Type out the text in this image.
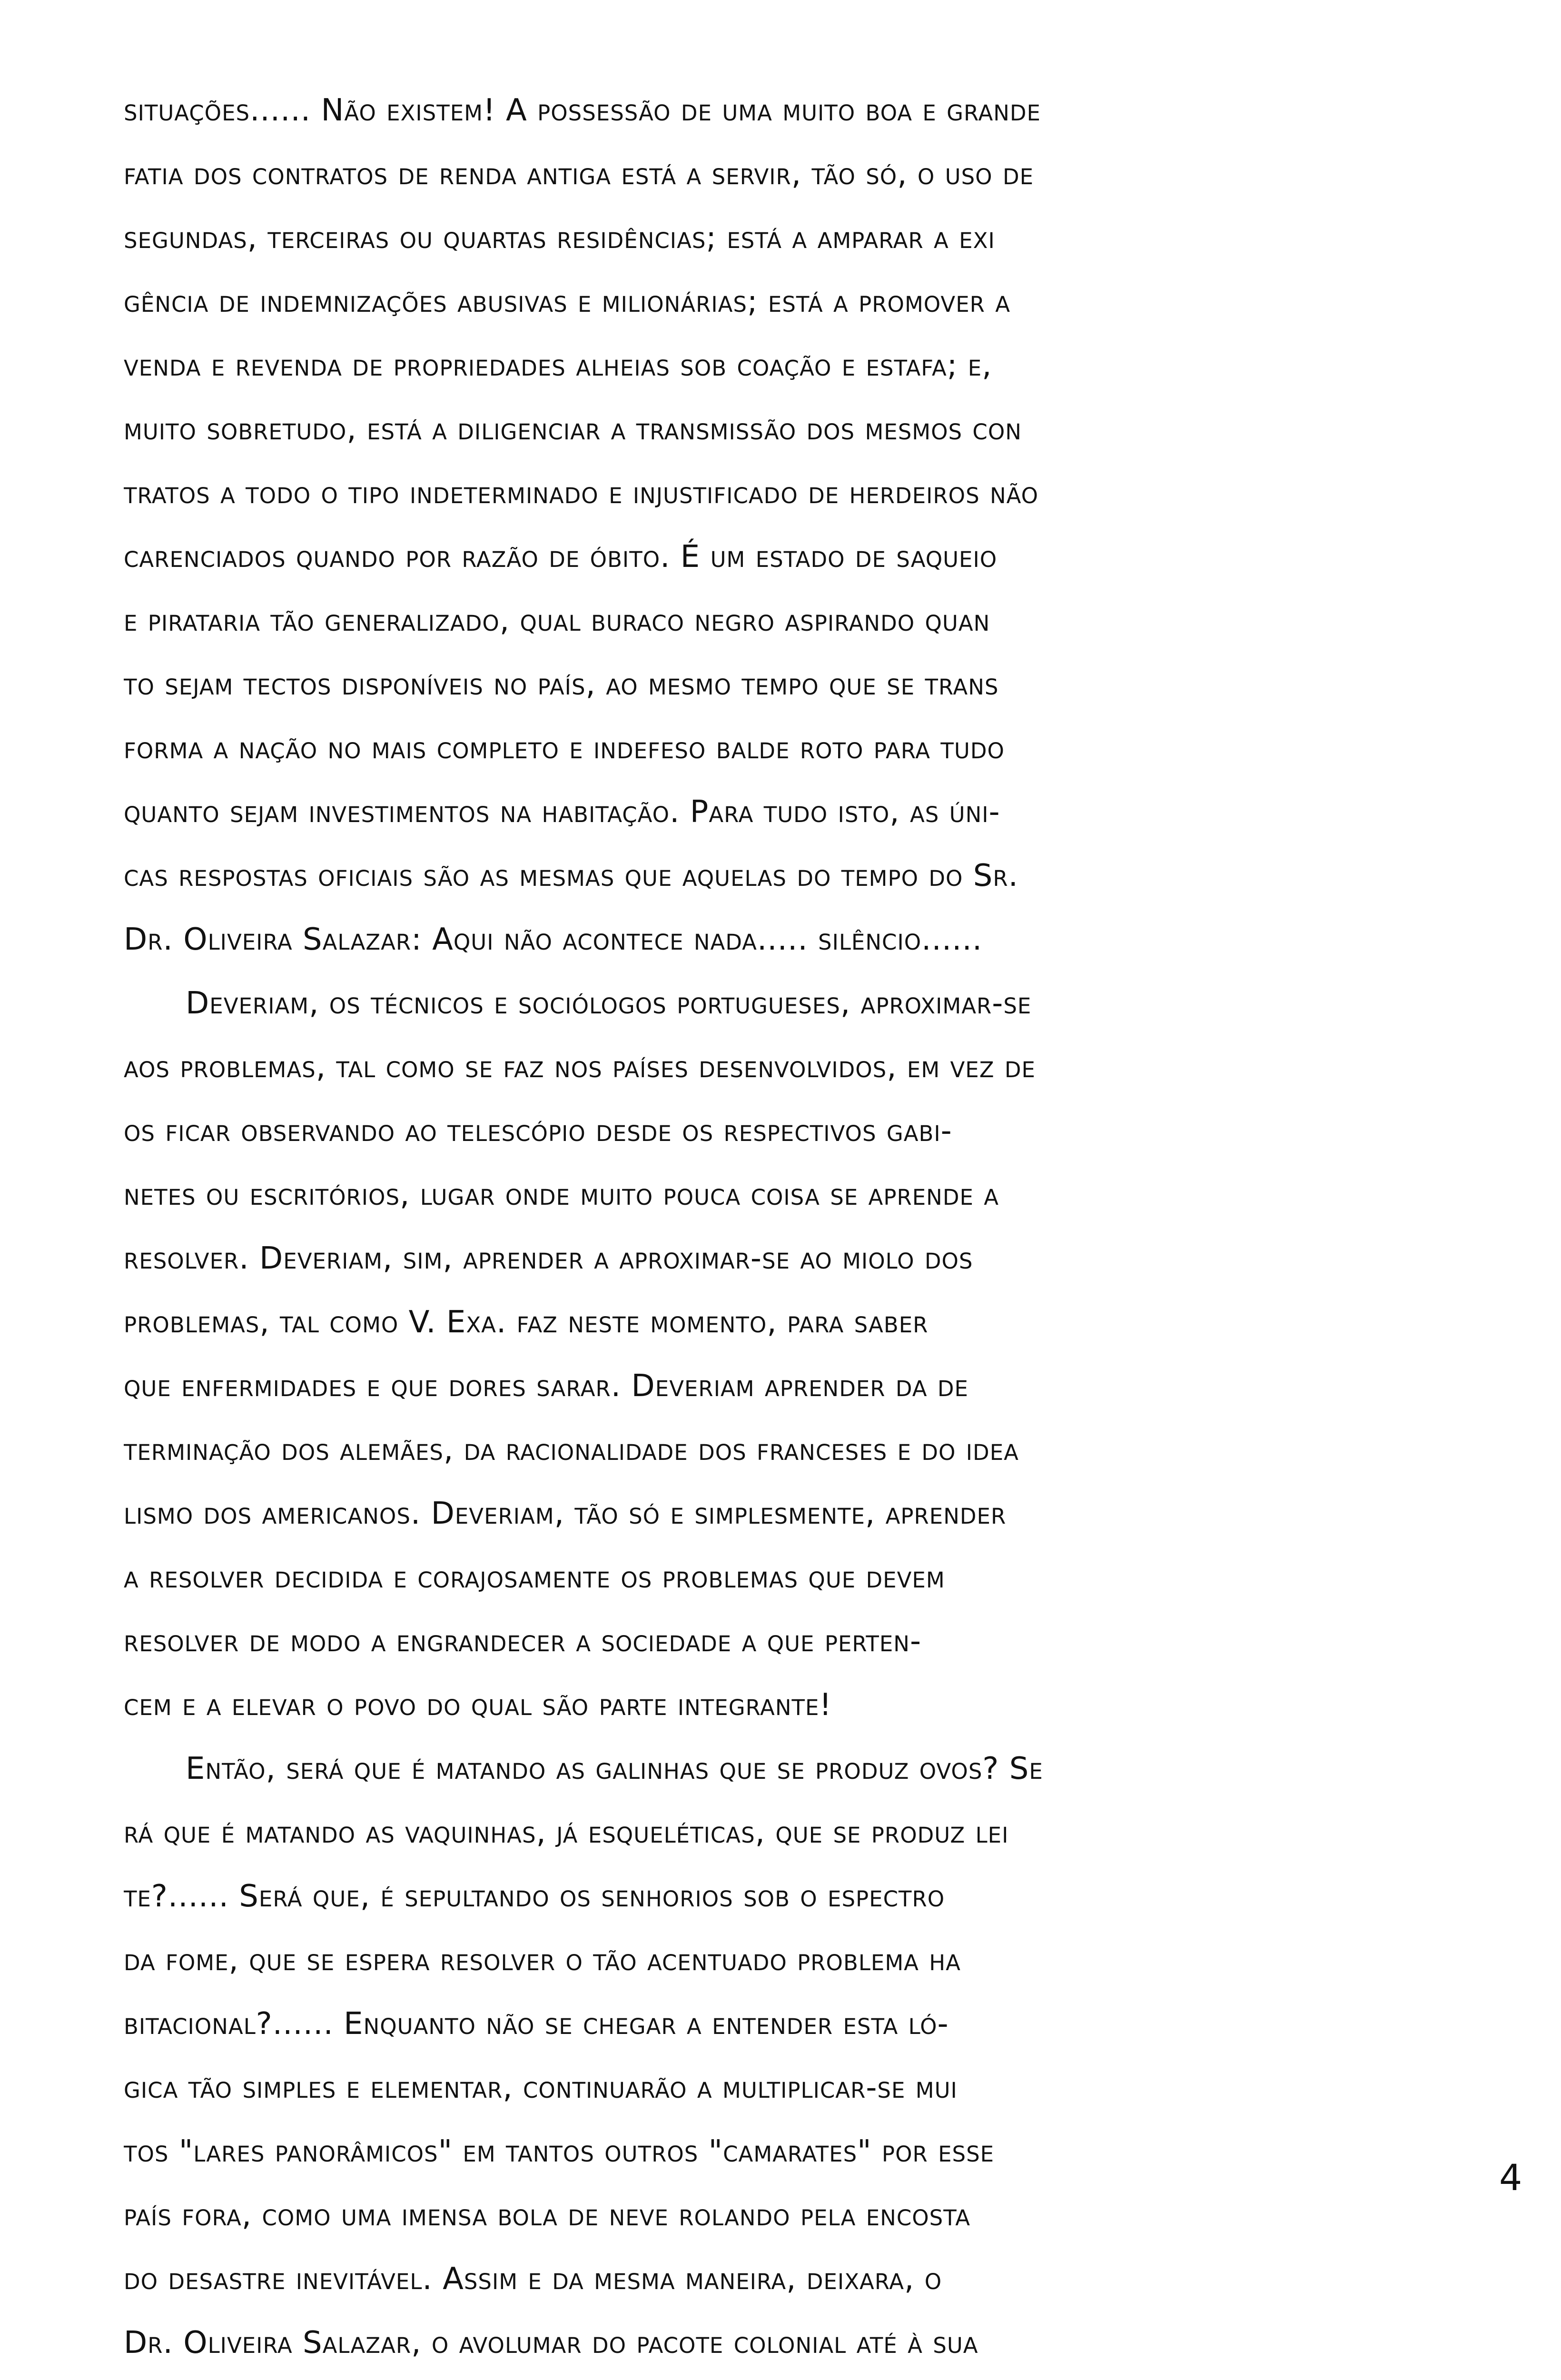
situações...... Não existem! A possessão de uma muito boa e grande
fatia dos contratos de renda antiga está a servir, tão só, o uso de
segundas, terceiras ou quartas residências; está a amparar a exi
gência de indemnizações abusivas e milionárias; está a promover a
venda e revenda de propriedades alheias sob coação e estafa; e,
muito sobretudo, está a diligenciar a transmissão dos mesmos con
tratos a todo o tipo indeterminado e injustificado de herdeiros não
carenciados quando por razão de óbito. É um estado de saqueio
e pirataria tão generalizado, qual buraco negro aspirando quan
to sejam tectos disponíveis no país, ao mesmo tempo que se trans
forma a nação no mais completo e indefeso balde roto para tudo
quanto sejam investimentos na habitação. Para tudo isto, as úni-
cas respostas oficiais são as mesmas que aquelas do tempo do Sr.
Dr. Oliveira Salazar: Aqui não acontece nada..... silêncio......
Deveriam, os técnicos e sociólogos portugueses, aproximar-se
aos problemas, tal como se faz nos países desenvolvidos, em vez de
os ficar observando ao telescópio desde os respectivos gabi-
netes ou escritórios, lugar onde muito pouca coisa se aprende a
resolver. Deveriam, sim, aprender a aproximar-se ao miolo dos
problemas, tal como V. Exa. faz neste momento, para saber
que enfermidades e que dores sarar. Deveriam aprender da de
terminação dos alemães, da racionalidade dos franceses e do idea
lismo dos americanos. Deveriam, tão só e simplesmente, aprender
a resolver decidida e corajosamente os problemas que devem
resolver de modo a engrandecer a sociedade a que perten-
cem e a elevar o povo do qual são parte integrante!
Então, será que é matando as galinhas que se produz ovos? Se
rá que é matando as vaquinhas, já esqueléticas, que se produz lei
te?...... Será que, é sepultando os senhorios sob o espectro
da fome, que se espera resolver o tão acentuado problema ha
bitacional?...... Enquanto não se chegar a entender esta ló-
gica tão simples e elementar, continuarão a multiplicar-se mui
tos "lares panorâmicos" em tantos outros "camarates" por esse
país fora, como uma imensa bola de neve rolando pela encosta
do desastre inevitável. Assim e da mesma maneira, deixara, o
Dr. Oliveira Salazar, o avolumar do pacote colonial até à sua
4
